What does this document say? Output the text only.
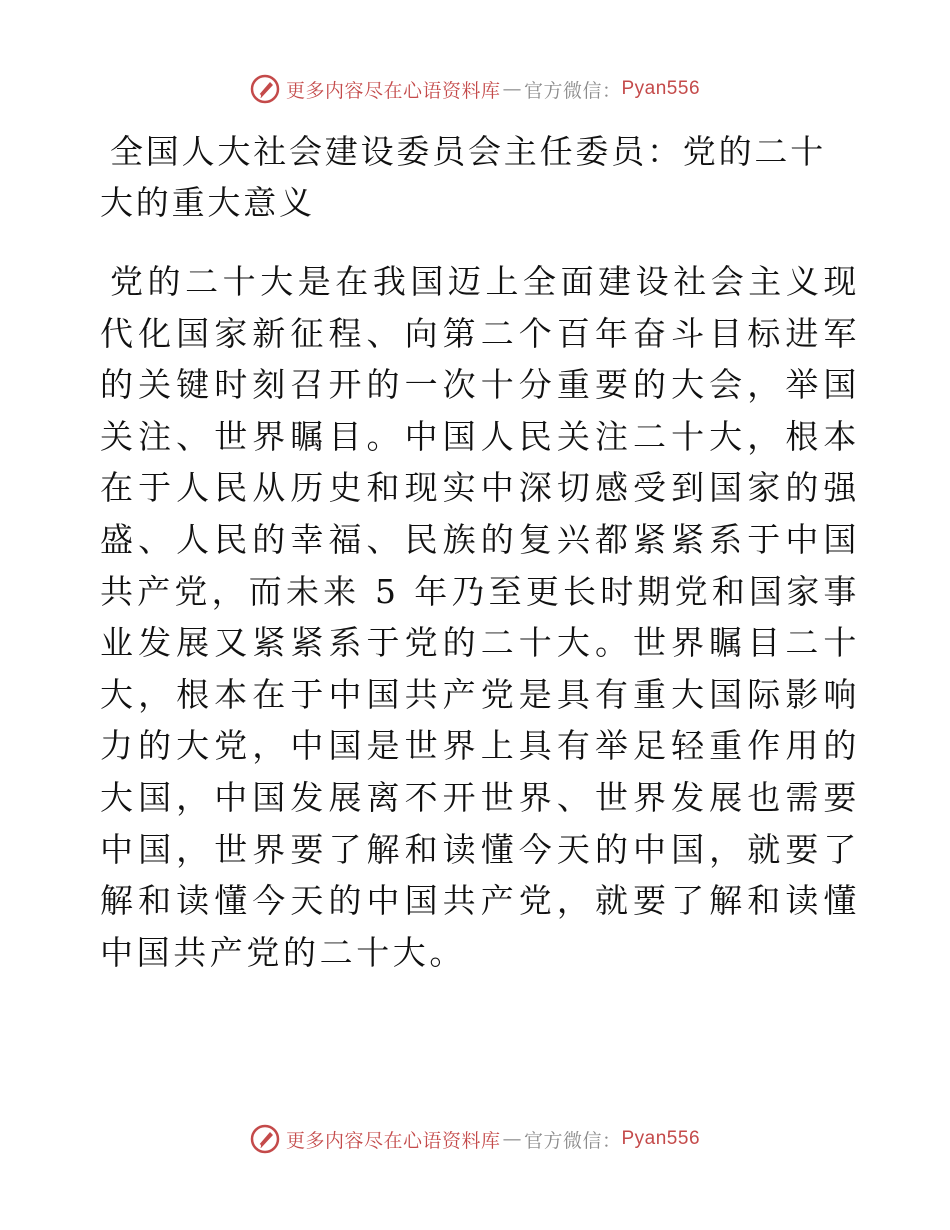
更多内容尽在心语资料库 — 官方微信： Pyan556
全国人大社会建设委员会主任委员：党的二十大的重大意义

党的二十大是在我国迈上全面建设社会主义现代化国家新征程、向第二个百年奋斗目标进军的关键时刻召开的一次十分重要的大会，举国关注、世界瞩目。中国人民关注二十大，根本在于人民从历史和现实中深切感受到国家的强盛、人民的幸福、民族的复兴都紧紧系于中国共产党，而未来 5 年乃至更长时期党和国家事业发展又紧紧系于党的二十大。世界瞩目二十大，根本在于中国共产党是具有重大国际影响力的大党，中国是世界上具有举足轻重作用的大国，中国发展离不开世界、世界发展也需要中国，世界要了解和读懂今天的中国，就要了解和读懂今天的中国共产党，就要了解和读懂中国共产党的二十大。

更多内容尽在心语资料库 — 官方微信： Pyan556
